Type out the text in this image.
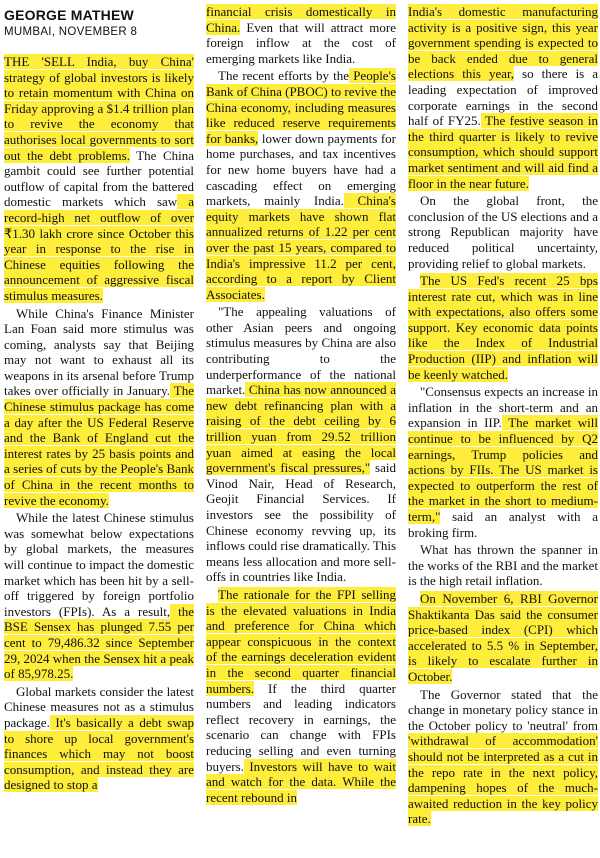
GEORGE MATHEW
MUMBAI, NOVEMBER 8

THE 'SELL India, buy China' strategy of global investors is likely to retain momentum with China on Friday approving a $1.4 trillion plan to revive the economy that authorises local governments to sort out the debt problems. The China gambit could see further potential outflow of capital from the battered domestic markets which saw a record-high net outflow of over ₹1.30 lakh crore since October this year in response to the rise in Chinese equities following the announcement of aggressive fiscal stimulus measures.

While China's Finance Minister Lan Foan said more stimulus was coming, analysts say that Beijing may not want to exhaust all its weapons in its arsenal before Trump takes over officially in January. The Chinese stimulus package has come a day after the US Federal Reserve and the Bank of England cut the interest rates by 25 basis points and a series of cuts by the People's Bank of China in the recent months to revive the economy.

While the latest Chinese stimulus was somewhat below expectations by global markets, the measures will continue to impact the domestic market which has been hit by a sell-off triggered by foreign portfolio investors (FPIs). As a result, the BSE Sensex has plunged 7.55 per cent to 79,486.32 since September 29, 2024 when the Sensex hit a peak of 85,978.25.

Global markets consider the latest Chinese measures not as a stimulus package. It's basically a debt swap to shore up local government's finances which may not boost consumption, and instead they are designed to stop a

financial crisis domestically in China. Even that will attract more foreign inflow at the cost of emerging markets like India.

The recent efforts by the People's Bank of China (PBOC) to revive the China economy, including measures like reduced reserve requirements for banks, lower down payments for home purchases, and tax incentives for new home buyers have had a cascading effect on emerging markets, mainly India. China's equity markets have shown flat annualized returns of 1.22 per cent over the past 15 years, compared to India's impressive 11.2 per cent, according to a report by Client Associates.

"The appealing valuations of other Asian peers and ongoing stimulus measures by China are also contributing to the underperformance of the national market. China has now announced a new debt refinancing plan with a raising of the debt ceiling by 6 trillion yuan from 29.52 trillion yuan aimed at easing the local government's fiscal pressures," said Vinod Nair, Head of Research, Geojit Financial Services. If investors see the possibility of Chinese economy revving up, its inflows could rise dramatically. This means less allocation and more sell-offs in countries like India.

The rationale for the FPI selling is the elevated valuations in India and preference for China which appear conspicuous in the context of the earnings deceleration evident in the second quarter financial numbers. If the third quarter numbers and leading indicators reflect recovery in earnings, the scenario can change with FPIs reducing selling and even turning buyers. Investors will have to wait and watch for the data. While the recent rebound in

India's domestic manufacturing activity is a positive sign, this year government spending is expected to be back ended due to general elections this year, so there is a leading expectation of improved corporate earnings in the second half of FY25. The festive season in the third quarter is likely to revive consumption, which should support market sentiment and will aid find a floor in the near future.

On the global front, the conclusion of the US elections and a strong Republican majority have reduced political uncertainty, providing relief to global markets.

The US Fed's recent 25 bps interest rate cut, which was in line with expectations, also offers some support. Key economic data points like the Index of Industrial Production (IIP) and inflation will be keenly watched.

"Consensus expects an increase in inflation in the short-term and an expansion in IIP. The market will continue to be influenced by Q2 earnings, Trump policies and actions by FIIs. The US market is expected to outperform the rest of the market in the short to medium-term," said an analyst with a broking firm.

What has thrown the spanner in the works of the RBI and the market is the high retail inflation.

On November 6, RBI Governor Shaktikanta Das said the consumer price-based index (CPI) which accelerated to 5.5 % in September, is likely to escalate further in October.

The Governor stated that the change in monetary policy stance in the October policy to 'neutral' from 'withdrawal of accommodation' should not be interpreted as a cut in the repo rate in the next policy, dampening hopes of the much-awaited reduction in the key policy rate.
